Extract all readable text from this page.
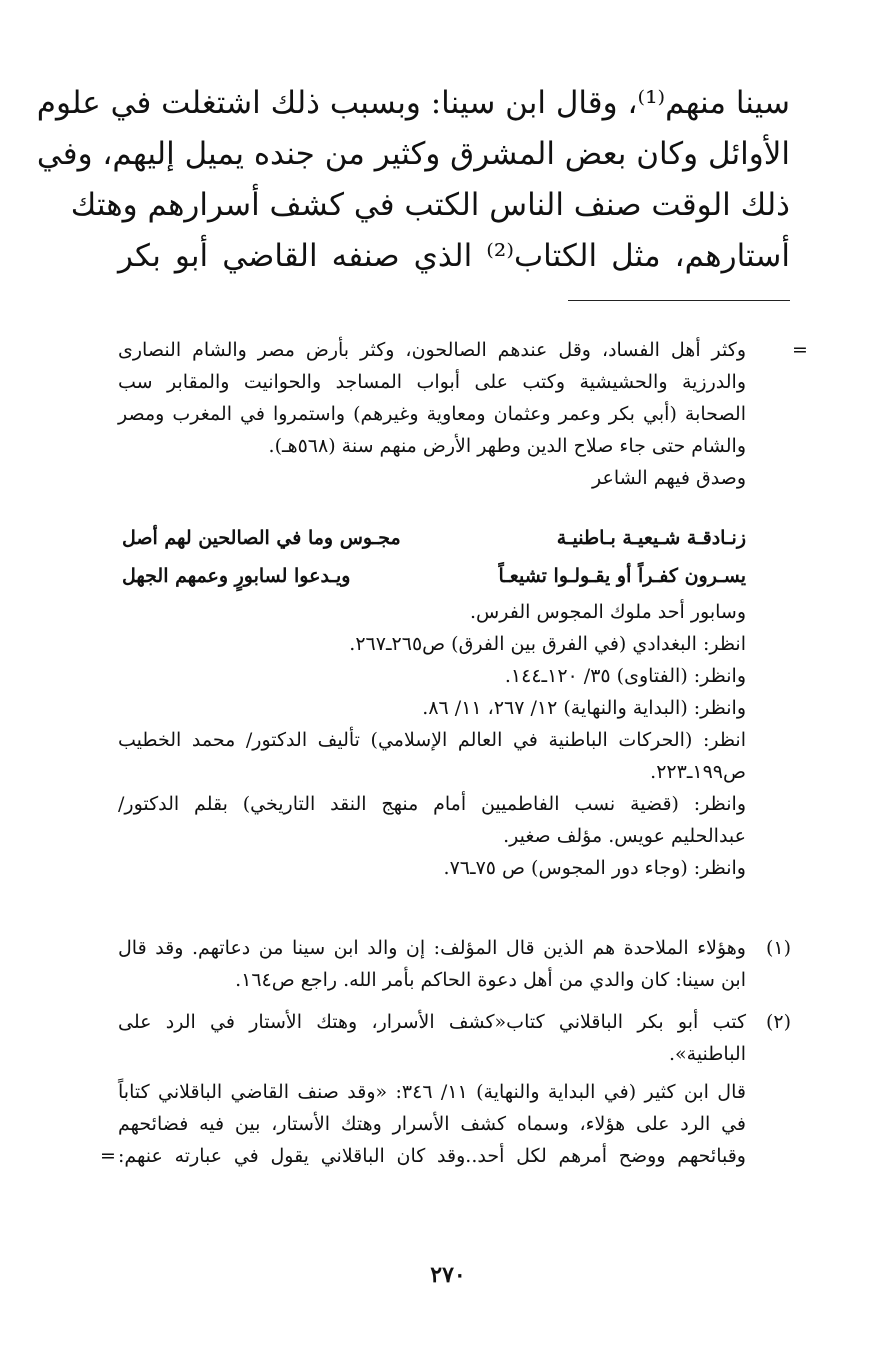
سينا منهم⁽¹⁾، وقال ابن سينا: وبسبب ذلك اشتغلت في علوم
الأوائل وكان بعض المشرق وكثير من جنده يميل إليهم، وفي
ذلك الوقت صنف الناس الكتب في كشف أسرارهم وهتك
أستارهم، مثل الكتاب⁽²⁾ الذي صنفه القاضي أبو بكر
=
وكثر أهل الفساد، وقل عندهم الصالحون، وكثر بأرض مصر والشام النصارى
والدرزية والحشيشية وكتب على أبواب المساجد والحوانيت والمقابر سب
الصحابة (أبي بكر وعمر وعثمان ومعاوية وغيرهم) واستمروا في المغرب ومصر
والشام حتى جاء صلاح الدين وطهر الأرض منهم سنة (٥٦٨هـ).
وصدق فيهم الشاعر
زنـادقـة شـيعيـة بـاطنيـة
مجـوس وما في الصالحين لهم أصل
يسـرون كفـراً أو يقـولـوا تشيعـاً
ويـدعوا لسابورٍ وعمهم الجهل
وسابور أحد ملوك المجوس الفرس.
انظر: البغدادي (في الفرق بين الفرق) ص٢٦٥ـ٢٦٧.
وانظر: (الفتاوى) ٣٥/ ١٢٠ـ١٤٤.
وانظر: (البداية والنهاية) ١٢/ ٢٦٧، ١١/ ٨٦.
انظر: (الحركات الباطنية في العالم الإسلامي) تأليف الدكتور/ محمد الخطيب
ص١٩٩ـ٢٢٣.
وانظر: (قضية نسب الفاطميين أمام منهج النقد التاريخي) بقلم الدكتور/
عبدالحليم عويس. مؤلف صغير.
وانظر: (وجاء دور المجوس) ص ٧٥ـ٧٦.
(١)
وهؤلاء الملاحدة هم الذين قال المؤلف: إن والد ابن سينا من دعاتهم. وقد قال
ابن سينا: كان والدي من أهل دعوة الحاكم بأمر الله. راجع ص١٦٤.
(٢)
كتب أبو بكر الباقلاني كتاب«كشف الأسرار، وهتك الأستار في الرد على
الباطنية».
قال ابن كثير (في البداية والنهاية) ١١/ ٣٤٦: «وقد صنف القاضي الباقلاني كتاباً
في الرد على هؤلاء، وسماه كشف الأسرار وهتك الأستار، بين فيه فضائحهم
وقبائحهم ووضح أمرهم لكل أحد..وقد كان الباقلاني يقول في عبارته عنهم:
=
٢٧٠
